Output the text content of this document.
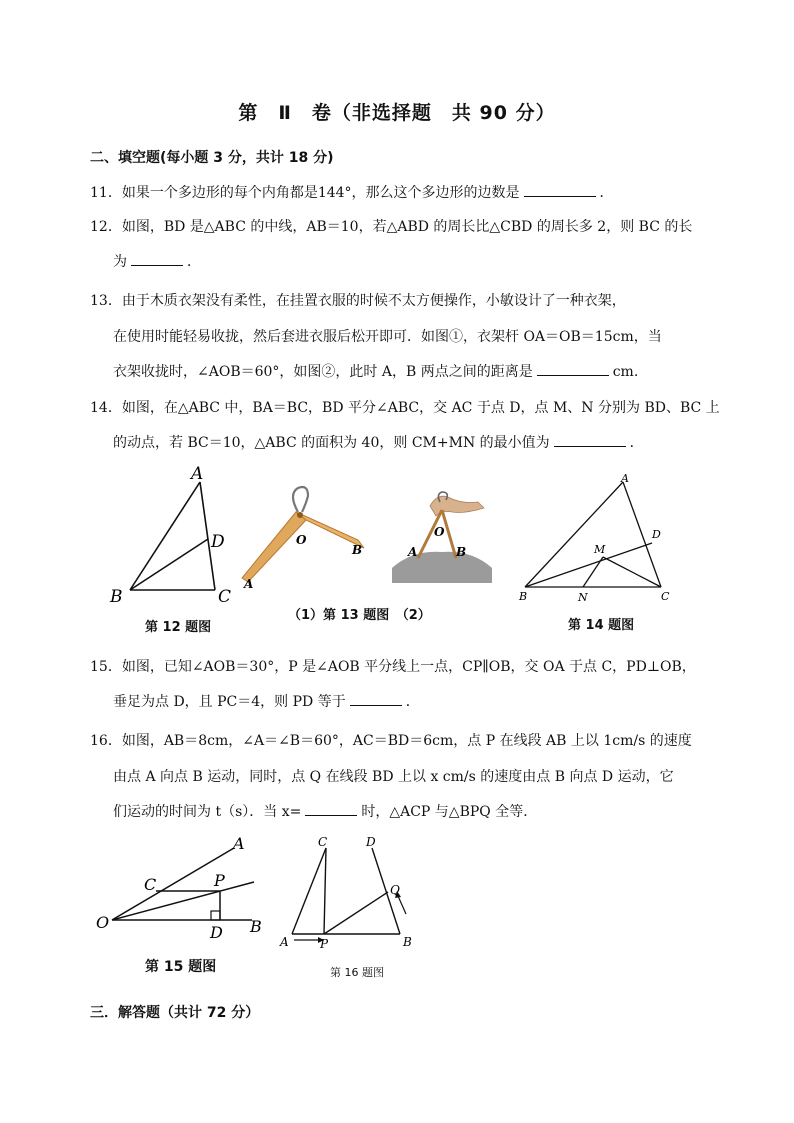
第　Ⅱ　卷（非选择题　共 90 分）
二、填空题(每小题 3 分，共计 18 分)
11．如果一个多边形的每个内角都是144°，那么这个多边形的边数是	．
12．如图，BD 是△ABC 的中线，AB＝10，若△ABD 的周长比△CBD 的周长多 2，则 BC 的长
为	．
13．由于木质衣架没有柔性，在挂置衣服的时候不太方便操作，小敏设计了一种衣架，
在使用时能轻易收拢，然后套进衣服后松开即可．如图①，衣架杆 OA＝OB＝15cm，当
衣架收拢时，∠AOB＝60°，如图②，此时 A，B 两点之间的距离是	cm.
14．如图，在△ABC 中，BA＝BC，BD 平分∠ABC，交 AC 于点 D，点 M、N 分别为 BD、BC 上
的动点，若 BC＝10，△ABC 的面积为 40，则 CM+MN 的最小值为	．
A
B	C
D
第 12 题图
O
A
B
O
A	B
（1）第 13 题图　（2）
A
B	C
D
M
N
第 14 题图
15．如图，已知∠AOB＝30°，P 是∠AOB 平分线上一点，CP∥OB，交 OA 于点 C，PD⊥OB，
垂足为点 D，且 PC＝4，则 PD 等于	．
16．如图，AB＝8cm，∠A＝∠B＝60°，AC＝BD＝6cm，点 P 在线段 AB 上以 1cm/s 的速度
由点 A 向点 B 运动，同时，点 Q 在线段 BD 上以 x cm/s 的速度由点 B 向点 D 运动，它
们运动的时间为 t（s）．当 x=	时，△ACP 与△BPQ 全等．
O
A
B
C	P
D
第 15 题图
A	B
C	D
P
Q
第 16 题图
三．解答题（共计 72 分）
